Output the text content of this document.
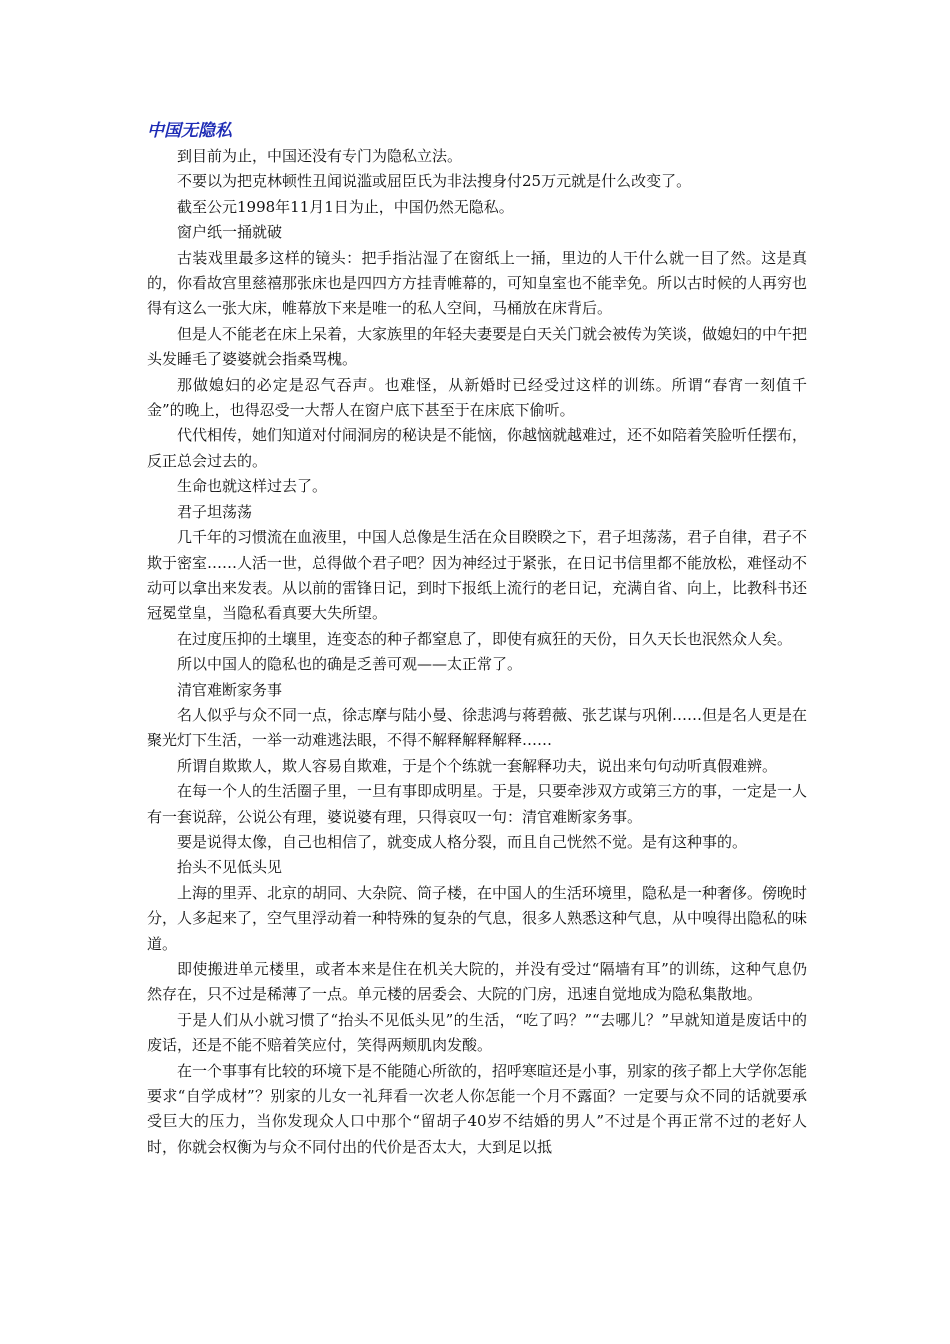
中国无隐私

到目前为止，中国还没有专门为隐私立法。

不要以为把克林顿性丑闻说滥或屈臣氏为非法搜身付25万元就是什么改变了。

截至公元1998年11月1日为止，中国仍然无隐私。

窗户纸一捅就破

古装戏里最多这样的镜头：把手指沾湿了在窗纸上一捅，里边的人干什么就一目了然。这是真的，你看故宫里慈禧那张床也是四四方方挂青帷幕的，可知皇室也不能幸免。所以古时候的人再穷也得有这么一张大床，帷幕放下来是唯一的私人空间，马桶放在床背后。

但是人不能老在床上呆着，大家族里的年轻夫妻要是白天关门就会被传为笑谈，做媳妇的中午把头发睡毛了婆婆就会指桑骂槐。

那做媳妇的必定是忍气吞声。也难怪，从新婚时已经受过这样的训练。所谓“春宵一刻值千金”的晚上，也得忍受一大帮人在窗户底下甚至于在床底下偷听。

代代相传，她们知道对付闹洞房的秘诀是不能恼，你越恼就越难过，还不如陪着笑脸听任摆布，反正总会过去的。

生命也就这样过去了。

君子坦荡荡

几千年的习惯流在血液里，中国人总像是生活在众目睽睽之下，君子坦荡荡，君子自律，君子不欺于密室……人活一世，总得做个君子吧？因为神经过于紧张，在日记书信里都不能放松，难怪动不动可以拿出来发表。从以前的雷锋日记，到时下报纸上流行的老日记，充满自省、向上，比教科书还冠冕堂皇，当隐私看真要大失所望。

在过度压抑的土壤里，连变态的种子都窒息了，即使有疯狂的天份，日久天长也泯然众人矣。

所以中国人的隐私也的确是乏善可观——太正常了。

清官难断家务事

名人似乎与众不同一点，徐志摩与陆小曼、徐悲鸿与蒋碧薇、张艺谋与巩俐……但是名人更是在聚光灯下生活，一举一动难逃法眼，不得不解释解释解释……

所谓自欺欺人，欺人容易自欺难，于是个个练就一套解释功夫，说出来句句动听真假难辨。

在每一个人的生活圈子里，一旦有事即成明星。于是，只要牵涉双方或第三方的事，一定是一人有一套说辞，公说公有理，婆说婆有理，只得哀叹一句：清官难断家务事。

要是说得太像，自己也相信了，就变成人格分裂，而且自己恍然不觉。是有这种事的。

抬头不见低头见

上海的里弄、北京的胡同、大杂院、筒子楼，在中国人的生活环境里，隐私是一种奢侈。傍晚时分，人多起来了，空气里浮动着一种特殊的复杂的气息，很多人熟悉这种气息，从中嗅得出隐私的味道。

即使搬进单元楼里，或者本来是住在机关大院的，并没有受过“隔墙有耳”的训练，这种气息仍然存在，只不过是稀薄了一点。单元楼的居委会、大院的门房，迅速自觉地成为隐私集散地。

于是人们从小就习惯了“抬头不见低头见”的生活，“吃了吗？”“去哪儿？”早就知道是废话中的废话，还是不能不赔着笑应付，笑得两颊肌肉发酸。

在一个事事有比较的环境下是不能随心所欲的，招呼寒暄还是小事，别家的孩子都上大学你怎能要求“自学成材”？别家的儿女一礼拜看一次老人你怎能一个月不露面？一定要与众不同的话就要承受巨大的压力，当你发现众人口中那个“留胡子40岁不结婚的男人”不过是个再正常不过的老好人时，你就会权衡为与众不同付出的代价是否太大，大到足以抵
